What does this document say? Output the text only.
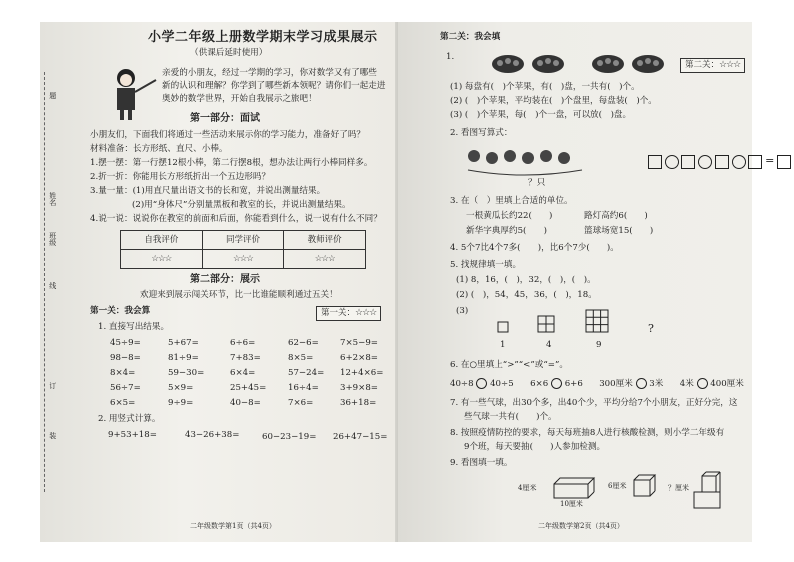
题
姓名
班级
线
订
装
小学二年级上册数学期末学习成果展示
（供课后延时使用）
亲爱的小朋友，经过一学期的学习，你对数学又有了哪些
新的认识和理解？你学到了哪些新本领呢？请你们一起走进
奥妙的数学世界，开始自我展示之旅吧！
第一部分：面试
小朋友们，下面我们将通过一些活动来展示你的学习能力，准备好了吗？
材料准备：长方形纸、直尺、小棒。
1.摆一摆：第一行摆12根小棒，第二行摆8根，想办法让两行小棒同样多。
2.折一折：你能用长方形纸折出一个五边形吗？
3.量一量：(1)用直尺量出语文书的长和宽，并说出测量结果。
(2)用“身体尺”分别量黑板和教室的长，并说出测量结果。
4.说一说：说说你在教室的前面和后面，你能看到什么，说一说有什么不同？
自我评价	同学评价	教师评价
☆☆☆	☆☆☆	☆☆☆
第二部分：展示
欢迎来到展示闯关环节，比一比谁能顺利通过五关！
第一关：我会算	第一关：☆☆☆
1. 直接写出结果。
45÷9=	5+67=	6÷6=	62−6= 7×5−9=
98−8=	81÷9=	7+83=	8×5=	6+2×8=
8×4=	59−30=	6×4=	57−24= 12+4×6=
56÷7=	5×9=	25+45=	16÷4= 3+9×8=
6×5=	9÷9=	40−8=	7×6=	36+18=
2. 用竖式计算。
9+53+18=	43−26+38=	60−23−19= 26+47−15=
二年级数学第1页（共4页）
第二关：我会填
1.
第二关：☆☆☆
(1) 每盘有(　)个苹果，有(　)盘，一共有(　)个。
(2) (　)个苹果，平均装在(　)个盘里，每盘装(　)个。
(3) (　)个苹果，每(　)个一盘，可以放(　)盘。
2. 看图写算式：
？只
=
3. 在（　）里填上合适的单位。
一根黄瓜长约22(　　)	路灯高约6(　　)
新华字典厚约5(　　)	篮球场宽15(　　)
4. 5个7比4个7多(　　)，比6个7少(　　)。
5. 找规律填一填。
(1) 8，16，(　)，32，(　)，(　)。
(2) (　)，54，45，36，(　)，18。
(3)
1	4	9
?
6. 在○里填上“>”“<”或“=”。
40÷8 40÷5 6×6 6+6 300厘米 3米 4米 400厘米
7. 有一些气球，出30个多，出40个少，平均分给7个小朋友，正好分完，这
些气球一共有(　　)个。
8. 按照疫情防控的要求，每天每班抽8人进行核酸检测，则小学二年级有
9个班，每天要抽(　　)人参加检测。
9. 看图填一填。
4厘米
10厘米
6厘米	？厘米
二年级数学第2页（共4页）
